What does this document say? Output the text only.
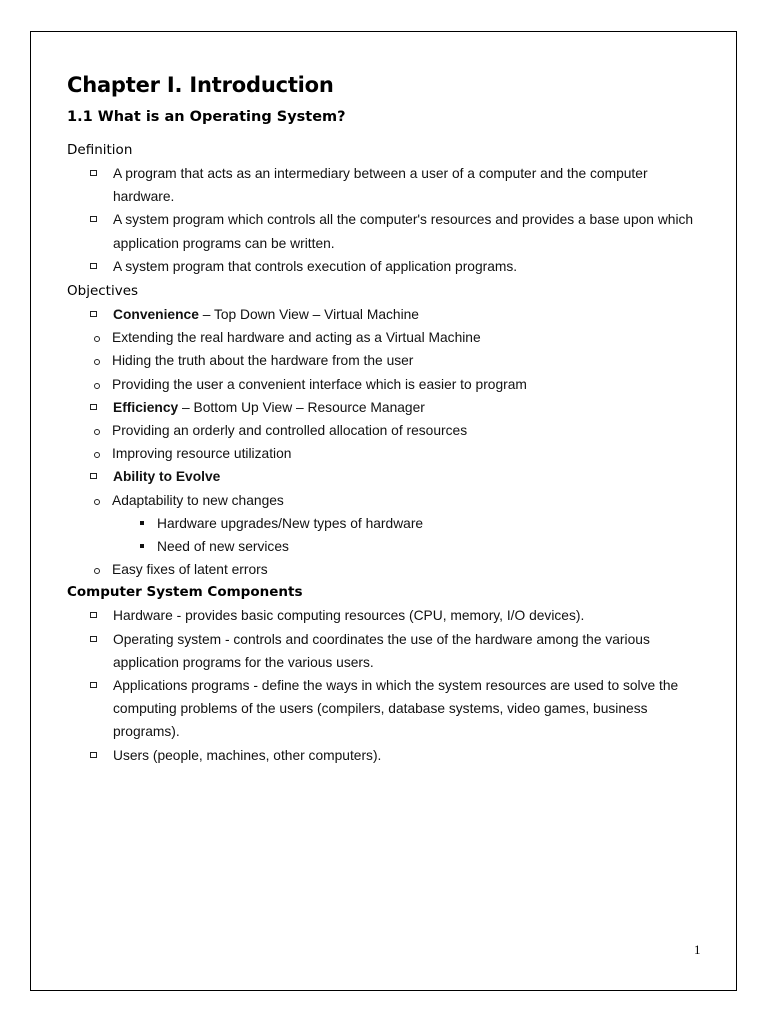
Chapter I. Introduction
1.1 What is an Operating System?
Definition
A program that acts as an intermediary between a user of a computer and the computer hardware.
A system program which controls all the computer's resources and provides a base upon which application programs can be written.
A system program that controls execution of application programs.
Objectives
Convenience – Top Down View – Virtual Machine
Extending the real hardware and acting as a Virtual Machine
Hiding the truth about the hardware from the user
Providing the user a convenient interface which is easier to program
Efficiency – Bottom Up View – Resource Manager
Providing an orderly and controlled allocation of resources
Improving resource utilization
Ability to Evolve
Adaptability to new changes
Hardware upgrades/New types of hardware
Need of new services
Easy fixes of latent errors
Computer System Components
Hardware - provides basic computing resources (CPU, memory, I/O devices).
Operating system - controls and coordinates the use of the hardware among the various application programs for the various users.
Applications programs - define the ways in which the system resources are used to solve the computing problems of the users (compilers, database systems, video games, business programs).
Users (people, machines, other computers).
1
